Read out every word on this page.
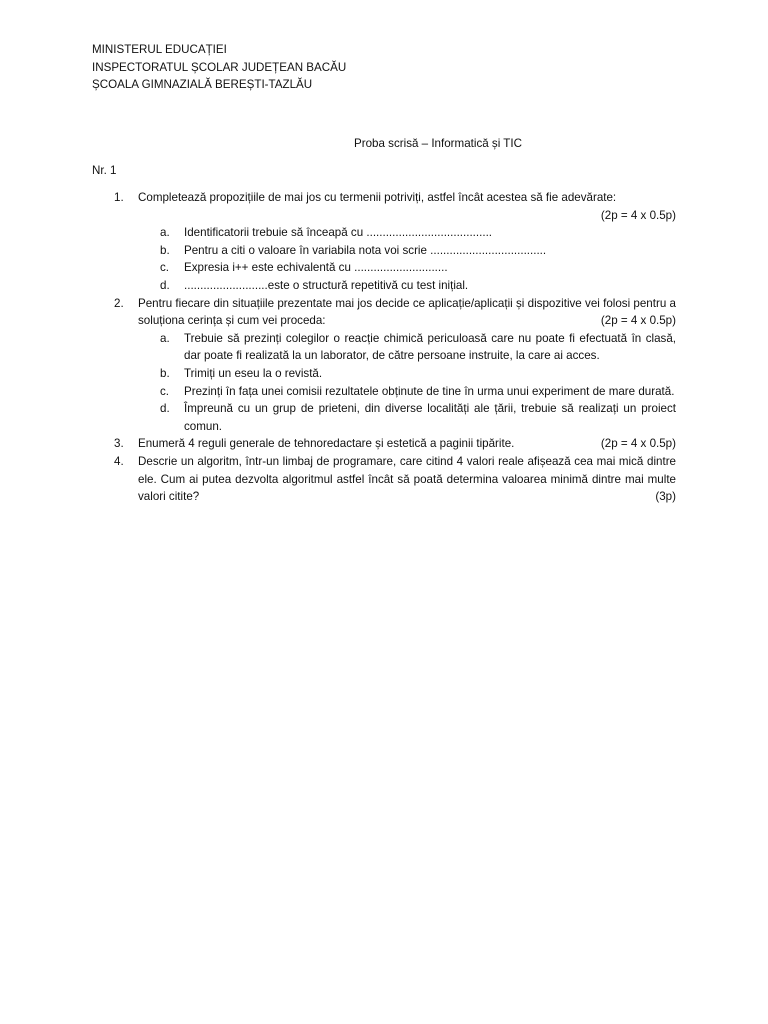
MINISTERUL EDUCAȚIEI
INSPECTORATUL ȘCOLAR JUDEȚEAN BACĂU
ȘCOALA GIMNAZIALĂ BEREȘTI-TAZLĂU
Proba scrisă – Informatică și TIC
Nr. 1
1. Completează propozițiile de mai jos cu termenii potriviți, astfel încât acestea să fie adevărate:
(2p = 4 x 0.5p)
a. Identificatorii trebuie să înceapă cu .......................................
b. Pentru a citi o valoare în variabila nota voi scrie ....................................
c. Expresia i++ este echivalentă cu .............................
d. ..........................este o structură repetitivă cu test inițial.
2. Pentru fiecare din situațiile prezentate mai jos decide ce aplicație/aplicații și dispozitive vei folosi pentru a soluționa cerința și cum vei proceda:	(2p = 4 x 0.5p)
a. Trebuie să prezinți colegilor o reacție chimică periculoasă care nu poate fi efectuată în clasă, dar poate fi realizată la un laborator, de către persoane instruite, la care ai acces.
b. Trimiți un eseu la o revistă.
c. Prezinți în fața unei comisii rezultatele obținute de tine în urma unui experiment de mare durată.
d. Împreună cu un grup de prieteni, din diverse localități ale țării, trebuie să realizați un proiect comun.
3. Enumeră 4 reguli generale de tehnoredactare și estetică a paginii tipărite.	(2p = 4 x 0.5p)
4. Descrie un algoritm, într-un limbaj de programare, care citind 4 valori reale afișează cea mai mică dintre ele. Cum ai putea dezvolta algoritmul astfel încât să poată determina valoarea minimă dintre mai multe valori citite?	(3p)
